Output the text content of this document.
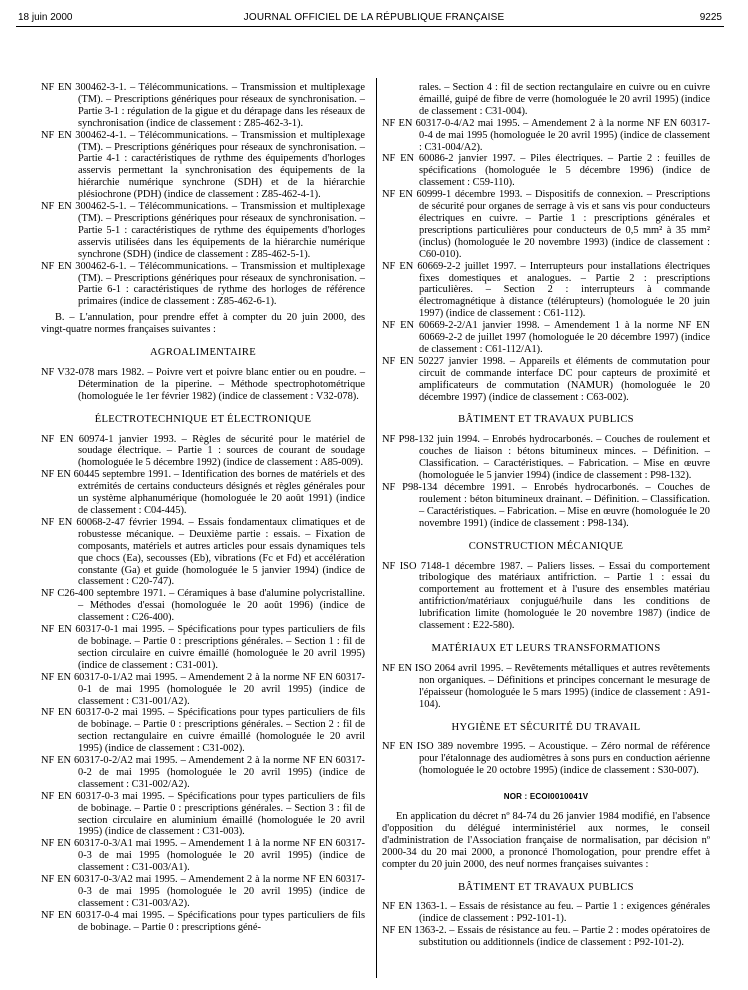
18 juin 2000	JOURNAL OFFICIEL DE LA RÉPUBLIQUE FRANÇAISE	9225
NF EN 300462-3-1. – Télécommunications. – Transmission et multiplexage (TM). – Prescriptions génériques pour réseaux de synchronisation. – Partie 3-1 : régulation de la gigue et du dérapage dans les réseaux de synchronisation (indice de classement : Z85-462-3-1).
NF EN 300462-4-1. – Télécommunications. – Transmission et multiplexage (TM). – Prescriptions génériques pour réseaux de synchronisation. – Partie 4-1 : caractéristiques de rythme des équipements d'horloges asservis permettant la synchronisation des équipements de la hiérarchie numérique synchrone (SDH) et de la hiérarchie plésiochrone (PDH) (indice de classement : Z85-462-4-1).
NF EN 300462-5-1. – Télécommunications. – Transmission et multiplexage (TM). – Prescriptions génériques pour réseaux de synchronisation. – Partie 5-1 : caractéristiques de rythme des équipements d'horloges asservis utilisées dans les équipements de la hiérarchie numérique synchrone (SDH) (indice de classement : Z85-462-5-1).
NF EN 300462-6-1. – Télécommunications. – Transmission et multiplexage (TM). – Prescriptions génériques pour réseaux de synchronisation. – Partie 6-1 : caractéristiques de rythme des horloges de référence primaires (indice de classement : Z85-462-6-1).
B. – L'annulation, pour prendre effet à compter du 20 juin 2000, des vingt-quatre normes françaises suivantes :
AGROALIMENTAIRE
NF V32-078 mars 1982. – Poivre vert et poivre blanc entier ou en poudre. – Détermination de la piperine. – Méthode spectrophotométrique (homologuée le 1er février 1982) (indice de classement : V32-078).
ÉLECTROTECHNIQUE ET ÉLECTRONIQUE
NF EN 60974-1 janvier 1993. – Règles de sécurité pour le matériel de soudage électrique. – Partie 1 : sources de courant de soudage (homologuée le 5 décembre 1992) (indice de classement : A85-009).
NF EN 60445 septembre 1991. – Identification des bornes de matériels et des extrémités de certains conducteurs désignés et règles générales pour un système alphanumérique (homologuée le 20 août 1991) (indice de classement : C04-445).
NF EN 60068-2-47 février 1994. – Essais fondamentaux climatiques et de robustesse mécanique. – Deuxième partie : essais. – Fixation de composants, matériels et autres articles pour essais dynamiques tels que chocs (Ea), secousses (Eb), vibrations (Fc et Fd) et accélération constante (Ga) et guide (homologuée le 5 janvier 1994) (indice de classement : C20-747).
NF C26-400 septembre 1971. – Céramiques à base d'alumine polycristalline. – Méthodes d'essai (homologuée le 20 août 1996) (indice de classement : C26-400).
NF EN 60317-0-1 mai 1995. – Spécifications pour types particuliers de fils de bobinage. – Partie 0 : prescriptions générales. – Section 1 : fil de section circulaire en cuivre émaillé (homologuée le 20 avril 1995) (indice de classement : C31-001).
NF EN 60317-0-1/A2 mai 1995. – Amendement 2 à la norme NF EN 60317-0-1 de mai 1995 (homologuée le 20 avril 1995) (indice de classement : C31-001/A2).
NF EN 60317-0-2 mai 1995. – Spécifications pour types particuliers de fils de bobinage. – Partie 0 : prescriptions générales. – Section 2 : fil de section rectangulaire en cuivre émaillé (homologuée le 20 avril 1995) (indice de classement : C31-002).
NF EN 60317-0-2/A2 mai 1995. – Amendement 2 à la norme NF EN 60317-0-2 de mai 1995 (homologuée le 20 avril 1995) (indice de classement : C31-002/A2).
NF EN 60317-0-3 mai 1995. – Spécifications pour types particuliers de fils de bobinage. – Partie 0 : prescriptions générales. – Section 3 : fil de section circulaire en aluminium émaillé (homologuée le 20 avril 1995) (indice de classement : C31-003).
NF EN 60317-0-3/A1 mai 1995. – Amendement 1 à la norme NF EN 60317-0-3 de mai 1995 (homologuée le 20 avril 1995) (indice de classement : C31-003/A1).
NF EN 60317-0-3/A2 mai 1995. – Amendement 2 à la norme NF EN 60317-0-3 de mai 1995 (homologuée le 20 avril 1995) (indice de classement : C31-003/A2).
NF EN 60317-0-4 mai 1995. – Spécifications pour types particuliers de fils de bobinage. – Partie 0 : prescriptions géné-
rales. – Section 4 : fil de section rectangulaire en cuivre ou en cuivre émaillé, guipé de fibre de verre (homologuée le 20 avril 1995) (indice de classement : C31-004).
NF EN 60317-0-4/A2 mai 1995. – Amendement 2 à la norme NF EN 60317-0-4 de mai 1995 (homologuée le 20 avril 1995) (indice de classement : C31-004/A2).
NF EN 60086-2 janvier 1997. – Piles électriques. – Partie 2 : feuilles de spécifications (homologuée le 5 décembre 1996) (indice de classement : C59-110).
NF EN 60999-1 décembre 1993. – Dispositifs de connexion. – Prescriptions de sécurité pour organes de serrage à vis et sans vis pour conducteurs électriques en cuivre. – Partie 1 : prescriptions générales et prescriptions particulières pour conducteurs de 0,5 mm² à 35 mm² (inclus) (homologuée le 20 novembre 1993) (indice de classement : C60-010).
NF EN 60669-2-2 juillet 1997. – Interrupteurs pour installations électriques fixes domestiques et analogues. – Partie 2 : prescriptions particulières. – Section 2 : interrupteurs à commande électromagnétique à distance (télérupteurs) (homologuée le 20 juin 1997) (indice de classement : C61-112).
NF EN 60669-2-2/A1 janvier 1998. – Amendement 1 à la norme NF EN 60669-2-2 de juillet 1997 (homologuée le 20 décembre 1997) (indice de classement : C61-112/A1).
NF EN 50227 janvier 1998. – Appareils et éléments de commutation pour circuit de commande interface DC pour capteurs de proximité et amplificateurs de commutation (NAMUR) (homologuée le 20 décembre 1997) (indice de classement : C63-002).
BÂTIMENT ET TRAVAUX PUBLICS
NF P98-132 juin 1994. – Enrobés hydrocarbonés. – Couches de roulement et couches de liaison : bétons bitumineux minces. – Définition. – Classification. – Caractéristiques. – Fabrication. – Mise en œuvre (homologuée le 5 janvier 1994) (indice de classement : P98-132).
NF P98-134 décembre 1991. – Enrobés hydrocarbonés. – Couches de roulement : béton bitumineux drainant. – Définition. – Classification. – Caractéristiques. – Fabrication. – Mise en œuvre (homologuée le 20 novembre 1991) (indice de classement : P98-134).
CONSTRUCTION MÉCANIQUE
NF ISO 7148-1 décembre 1987. – Paliers lisses. – Essai du comportement tribologique des matériaux antifriction. – Partie 1 : essai du comportement au frottement et à l'usure des ensembles matériau antifriction/matériaux conjugué/huile dans les conditions de lubrification limite (homologuée le 20 novembre 1987) (indice de classement : E22-580).
MATÉRIAUX ET LEURS TRANSFORMATIONS
NF EN ISO 2064 avril 1995. – Revêtements métalliques et autres revêtements non organiques. – Définitions et principes concernant le mesurage de l'épaisseur (homologuée le 5 mars 1995) (indice de classement : A91-104).
HYGIÈNE ET SÉCURITÉ DU TRAVAIL
NF EN ISO 389 novembre 1995. – Acoustique. – Zéro normal de référence pour l'étalonnage des audiomètres à sons purs en conduction aérienne (homologuée le 20 octobre 1995) (indice de classement : S30-007).
NOR : ECOI0010041V
En application du décret nº 84-74 du 26 janvier 1984 modifié, en l'absence d'opposition du délégué interministériel aux normes, le conseil d'administration de l'Association française de normalisation, par décision nº 2000-34 du 20 mai 2000, a prononcé l'homologation, pour prendre effet à compter du 20 juin 2000, des neuf normes françaises suivantes :
BÂTIMENT ET TRAVAUX PUBLICS
NF EN 1363-1. – Essais de résistance au feu. – Partie 1 : exigences générales (indice de classement : P92-101-1).
NF EN 1363-2. – Essais de résistance au feu. – Partie 2 : modes opératoires de substitution ou additionnels (indice de classement : P92-101-2).
